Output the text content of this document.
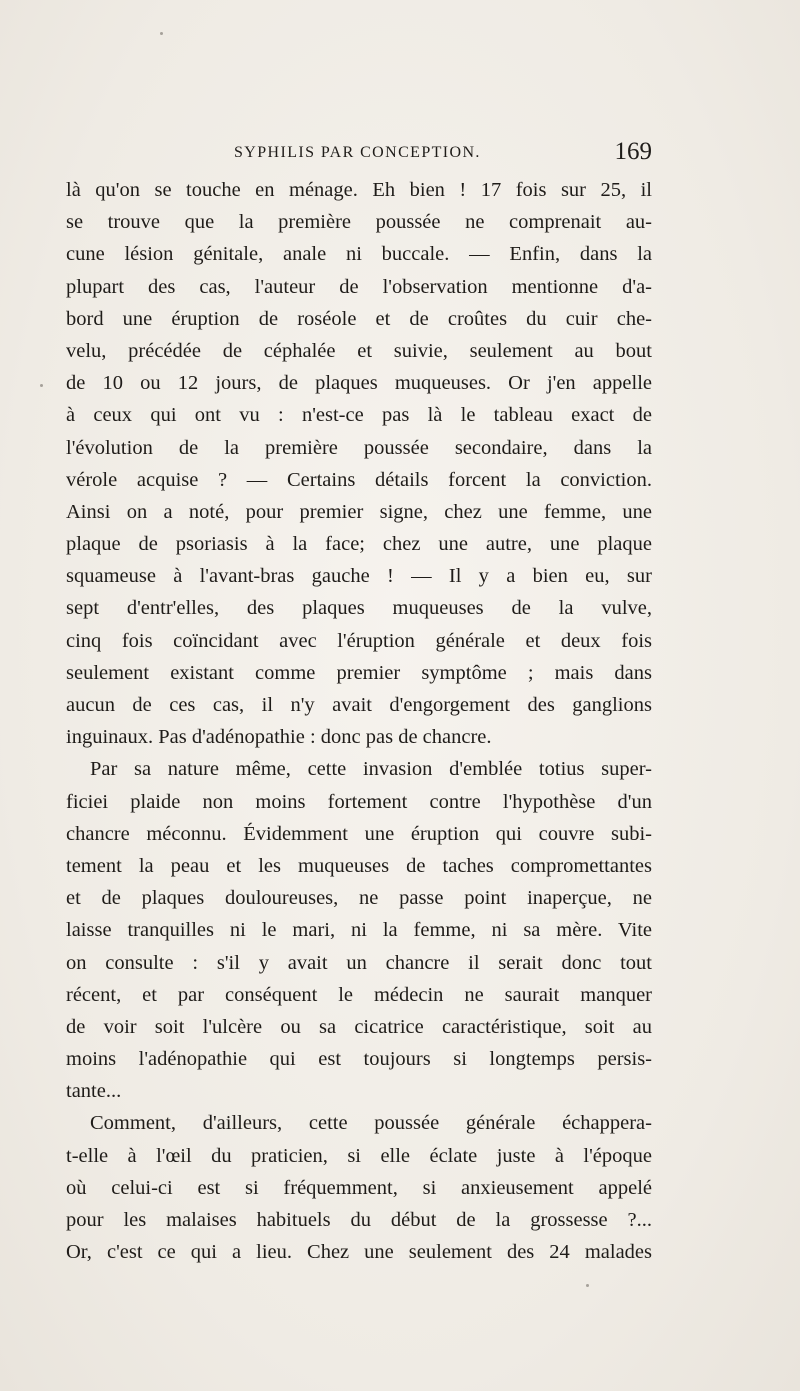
SYPHILIS PAR CONCEPTION.	169
là qu'on se touche en ménage. Eh bien ! 17 fois sur 25, il
se trouve que la première poussée ne comprenait au-
cune lésion génitale, anale ni buccale. — Enfin, dans la
plupart des cas, l'auteur de l'observation mentionne d'a-
bord une éruption de roséole et de croûtes du cuir che-
velu, précédée de céphalée et suivie, seulement au bout
de 10 ou 12 jours, de plaques muqueuses. Or j'en appelle
à ceux qui ont vu : n'est-ce pas là le tableau exact de
l'évolution de la première poussée secondaire, dans la
vérole acquise ? — Certains détails forcent la conviction.
Ainsi on a noté, pour premier signe, chez une femme, une
plaque de psoriasis à la face; chez une autre, une plaque
squameuse à l'avant-bras gauche ! — Il y a bien eu, sur
sept d'entr'elles, des plaques muqueuses de la vulve,
cinq fois coïncidant avec l'éruption générale et deux fois
seulement existant comme premier symptôme ; mais dans
aucun de ces cas, il n'y avait d'engorgement des ganglions
inguinaux. Pas d'adénopathie : donc pas de chancre.
Par sa nature même, cette invasion d'emblée totius super-
ficiei plaide non moins fortement contre l'hypothèse d'un
chancre méconnu. Évidemment une éruption qui couvre subi-
tement la peau et les muqueuses de taches compromettantes
et de plaques douloureuses, ne passe point inaperçue, ne
laisse tranquilles ni le mari, ni la femme, ni sa mère. Vite
on consulte : s'il y avait un chancre il serait donc tout
récent, et par conséquent le médecin ne saurait manquer
de voir soit l'ulcère ou sa cicatrice caractéristique, soit au
moins l'adénopathie qui est toujours si longtemps persis-
tante...
Comment, d'ailleurs, cette poussée générale échappera-
t-elle à l'œil du praticien, si elle éclate juste à l'époque
où celui-ci est si fréquemment, si anxieusement appelé
pour les malaises habituels du début de la grossesse ?...
Or, c'est ce qui a lieu. Chez une seulement des 24 malades
